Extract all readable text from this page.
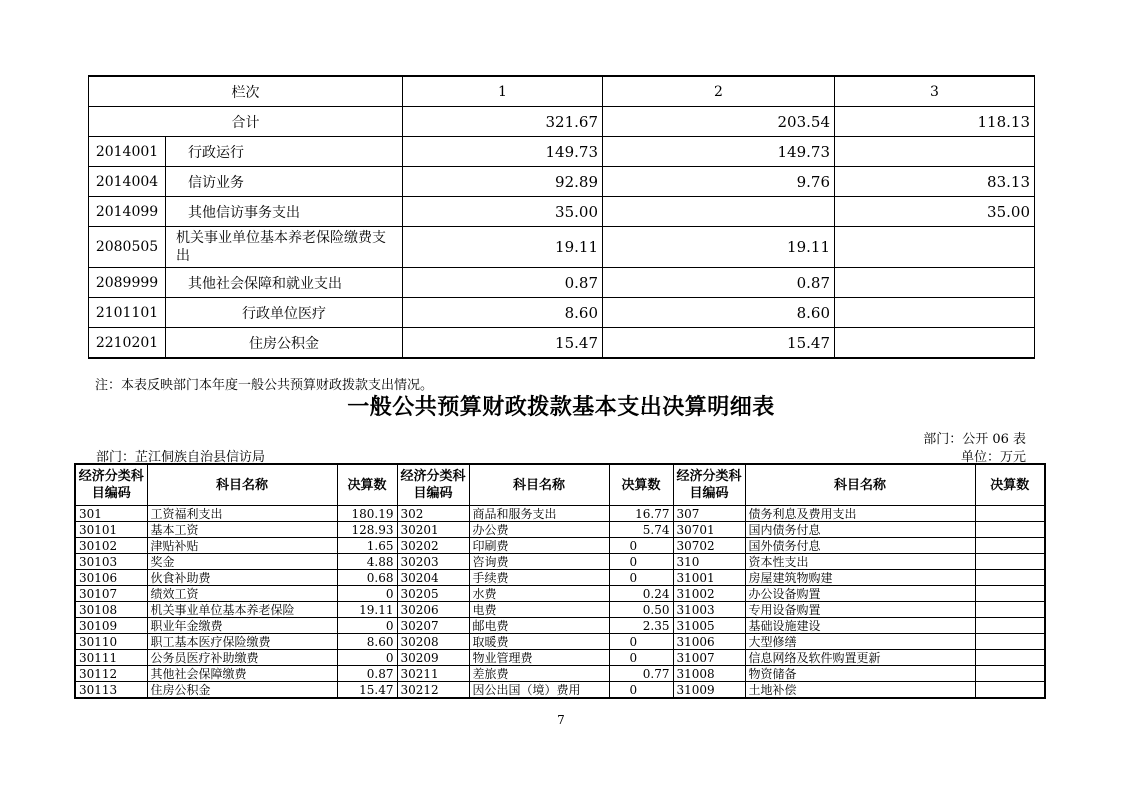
栏次		1	2	3
合计		321.67	203.54	118.13
2014001	行政运行	149.73	149.73	
2014004	信访业务	92.89	9.76	83.13
2014099	其他信访事务支出	35.00		35.00
2080505	机关事业单位基本养老保险缴费支出	19.11	19.11	
2089999	其他社会保障和就业支出	0.87	0.87	
2101101	行政单位医疗	8.60	8.60	
2210201	住房公积金	15.47	15.47	
注：本表反映部门本年度一般公共预算财政拨款支出情况。
一般公共预算财政拨款基本支出决算明细表
部门：公开 06 表
部门：芷江侗族自治县信访局	单位：万元
经济分类科目编码	科目名称	决算数	经济分类科目编码	科目名称	决算数	经济分类科目编码	科目名称	决算数
301	工资福利支出	180.19	302	商品和服务支出	16.77	307	债务利息及费用支出	
30101	基本工资	128.93	30201	办公费	5.74	30701	国内债务付息	
30102	津贴补贴	1.65	30202	印刷费	0	30702	国外债务付息	
30103	奖金	4.88	30203	咨询费	0	310	资本性支出	
30106	伙食补助费	0.68	30204	手续费	0	31001	房屋建筑物购建	
30107	绩效工资	0	30205	水费	0.24	31002	办公设备购置	
30108	机关事业单位基本养老保险	19.11	30206	电费	0.50	31003	专用设备购置	
30109	职业年金缴费	0	30207	邮电费	2.35	31005	基础设施建设	
30110	职工基本医疗保险缴费	8.60	30208	取暖费	0	31006	大型修缮	
30111	公务员医疗补助缴费	0	30209	物业管理费	0	31007	信息网络及软件购置更新	
30112	其他社会保障缴费	0.87	30211	差旅费	0.77	31008	物资储备	
30113	住房公积金	15.47	30212	因公出国（境）费用	0	31009	土地补偿	
7
